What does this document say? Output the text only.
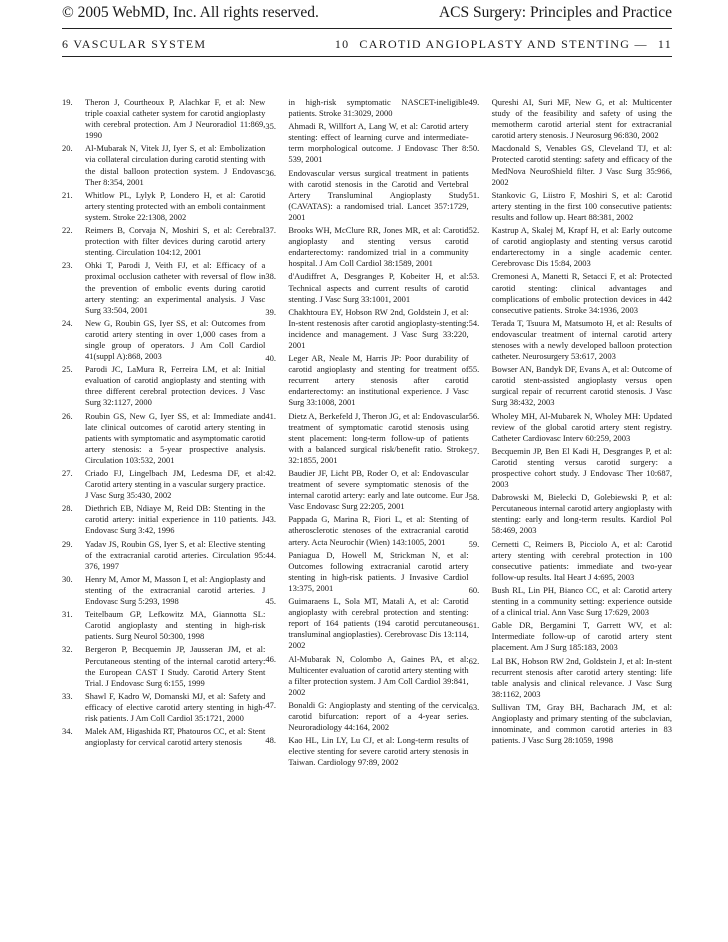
© 2005 WebMD, Inc. All rights reserved.	ACS Surgery: Principles and Practice
6 VASCULAR SYSTEM	10 CAROTID ANGIOPLASTY AND STENTING — 11
19.	Theron J, Courtheoux P, Alachkar F, et al: New triple coaxial catheter system for carotid angioplasty with cerebral protection. Am J Neuroradiol 11:869, 1990
20.	Al-Mubarak N, Vitek JJ, Iyer S, et al: Embolization via collateral circulation during carotid stenting with the distal balloon protection system. J Endovasc Ther 8:354, 2001
21.	Whitlow PL, Lylyk P, Londero H, et al: Carotid artery stenting protected with an emboli containment system. Stroke 22:1308, 2002
22.	Reimers B, Corvaja N, Moshiri S, et al: Cerebral protection with filter devices during carotid artery stenting. Circulation 104:12, 2001
23.	Ohki T, Parodi J, Veith FJ, et al: Efficacy of a proximal occlusion catheter with reversal of flow in the prevention of embolic events during carotid artery stenting: an experimental analysis. J Vasc Surg 33:504, 2001
24.	New G, Roubin GS, Iyer SS, et al: Outcomes from carotid artery stenting in over 1,000 cases from a single group of operators. J Am Coll Cardiol 41(suppl A):868, 2003
25.	Parodi JC, LaMura R, Ferreira LM, et al: Initial evaluation of carotid angioplasty and stenting with three different cerebral protection devices. J Vasc Surg 32:1127, 2000
26.	Roubin GS, New G, Iyer SS, et al: Immediate and late clinical outcomes of carotid artery stenting in patients with symptomatic and asymptomatic carotid artery stenosis: a 5-year prospective analysis. Circulation 103:532, 2001
27.	Criado FJ, Lingelbach JM, Ledesma DF, et al: Carotid artery stenting in a vascular surgery practice. J Vasc Surg 35:430, 2002
28.	Diethrich EB, Ndiaye M, Reid DB: Stenting in the carotid artery: initial experience in 110 patients. J Endovasc Surg 3:42, 1996
29.	Yadav JS, Roubin GS, Iyer S, et al: Elective stenting of the extracranial carotid arteries. Circulation 95: 376, 1997
30.	Henry M, Amor M, Masson I, et al: Angioplasty and stenting of the extracranial carotid arteries. J Endovasc Surg 5:293, 1998
31.	Teitelbaum GP, Lefkowitz MA, Giannotta SL: Carotid angioplasty and stenting in high-risk patients. Surg Neurol 50:300, 1998
32.	Bergeron P, Becquemin JP, Jausseran JM, et al: Percutaneous stenting of the internal carotid artery: the European CAST I Study. Carotid Artery Stent Trial. J Endovasc Surg 6:155, 1999
33.	Shawl F, Kadro W, Domanski MJ, et al: Safety and efficacy of elective carotid artery stenting in high-risk patients. J Am Coll Cardiol 35:1721, 2000
34.	Malek AM, Higashida RT, Phatouros CC, et al: Stent angioplasty for cervical carotid artery stenosis
in high-risk symptomatic NASCET-ineligible patients. Stroke 31:3029, 2000
35.	Ahmadi R, Willfort A, Lang W, et al: Carotid artery stenting: effect of learning curve and intermediate-term morphological outcome. J Endovasc Ther 8: 539, 2001
36.	Endovascular versus surgical treatment in patients with carotid stenosis in the Carotid and Vertebral Artery Transluminal Angioplasty Study (CAVATAS): a randomised trial. Lancet 357:1729, 2001
37.	Brooks WH, McClure RR, Jones MR, et al: Carotid angioplasty and stenting versus carotid endarterectomy: randomized trial in a community hospital. J Am Coll Cardiol 38:1589, 2001
38.	d'Audiffret A, Desgranges P, Kobeiter H, et al: Technical aspects and current results of carotid stenting. J Vasc Surg 33:1001, 2001
39.	Chakhtoura EY, Hobson RW 2nd, Goldstein J, et al: In-stent restenosis after carotid angioplasty-stenting: incidence and management. J Vasc Surg 33:220, 2001
40.	Leger AR, Neale M, Harris JP: Poor durability of carotid angioplasty and stenting for treatment of recurrent artery stenosis after carotid endarterectomy: an institutional experience. J Vasc Surg 33:1008, 2001
41.	Dietz A, Berkefeld J, Theron JG, et al: Endovascular treatment of symptomatic carotid stenosis using stent placement: long-term follow-up of patients with a balanced surgical risk/benefit ratio. Stroke 32:1855, 2001
42.	Baudier JF, Licht PB, Roder O, et al: Endovascular treatment of severe symptomatic stenosis of the internal carotid artery: early and late outcome. Eur J Vasc Endovasc Surg 22:205, 2001
43.	Pappada G, Marina R, Fiori L, et al: Stenting of atherosclerotic stenoses of the extracranial carotid artery. Acta Neurochir (Wien) 143:1005, 2001
44.	Paniagua D, Howell M, Strickman N, et al: Outcomes following extracranial carotid artery stenting in high-risk patients. J Invasive Cardiol 13:375, 2001
45.	Guimaraens L, Sola MT, Matali A, et al: Carotid angioplasty with cerebral protection and stenting: report of 164 patients (194 carotid percutaneous transluminal angioplasties). Cerebrovasc Dis 13:114, 2002
46.	Al-Mubarak N, Colombo A, Gaines PA, et al: Multicenter evaluation of carotid artery stenting with a filter protection system. J Am Coll Cardiol 39:841, 2002
47.	Bonaldi G: Angioplasty and stenting of the cervical carotid bifurcation: report of a 4-year series. Neuroradiology 44:164, 2002
48.	Kao HL, Lin LY, Lu CJ, et al: Long-term results of elective stenting for severe carotid artery stenosis in Taiwan. Cardiology 97:89, 2002
49.	Qureshi AI, Suri MF, New G, et al: Multicenter study of the feasibility and safety of using the memotherm carotid arterial stent for extracranial carotid artery stenosis. J Neurosurg 96:830, 2002
50.	Macdonald S, Venables GS, Cleveland TJ, et al: Protected carotid stenting: safety and efficacy of the MedNova NeuroShield filter. J Vasc Surg 35:966, 2002
51.	Stankovic G, Liistro F, Moshiri S, et al: Carotid artery stenting in the first 100 consecutive patients: results and follow up. Heart 88:381, 2002
52.	Kastrup A, Skalej M, Krapf H, et al: Early outcome of carotid angioplasty and stenting versus carotid endarterectomy in a single academic center. Cerebrovasc Dis 15:84, 2003
53.	Cremonesi A, Manetti R, Setacci F, et al: Protected carotid stenting: clinical advantages and complications of embolic protection devices in 442 consecutive patients. Stroke 34:1936, 2003
54.	Terada T, Tsuura M, Matsumoto H, et al: Results of endovascular treatment of internal carotid artery stenoses with a newly developed balloon protection catheter. Neurosurgery 53:617, 2003
55.	Bowser AN, Bandyk DF, Evans A, et al: Outcome of carotid stent-assisted angioplasty versus open surgical repair of recurrent carotid stenosis. J Vasc Surg 38:432, 2003
56.	Wholey MH, Al-Mubarek N, Wholey MH: Updated review of the global carotid artery stent registry. Catheter Cardiovasc Interv 60:259, 2003
57.	Becquemin JP, Ben El Kadi H, Desgranges P, et al: Carotid stenting versus carotid surgery: a prospective cohort study. J Endovasc Ther 10:687, 2003
58.	Dabrowski M, Bielecki D, Golebiewski P, et al: Percutaneous internal carotid artery angioplasty with stenting: early and long-term results. Kardiol Pol 58:469, 2003
59.	Cernetti C, Reimers B, Picciolo A, et al: Carotid artery stenting with cerebral protection in 100 consecutive patients: immediate and two-year follow-up results. Ital Heart J 4:695, 2003
60.	Bush RL, Lin PH, Bianco CC, et al: Carotid artery stenting in a community setting: experience outside of a clinical trial. Ann Vasc Surg 17:629, 2003
61.	Gable DR, Bergamini T, Garrett WV, et al: Intermediate follow-up of carotid artery stent placement. Am J Surg 185:183, 2003
62.	Lal BK, Hobson RW 2nd, Goldstein J, et al: In-stent recurrent stenosis after carotid artery stenting: life table analysis and clinical relevance. J Vasc Surg 38:1162, 2003
63.	Sullivan TM, Gray BH, Bacharach JM, et al: Angioplasty and primary stenting of the subclavian, innominate, and common carotid arteries in 83 patients. J Vasc Surg 28:1059, 1998
